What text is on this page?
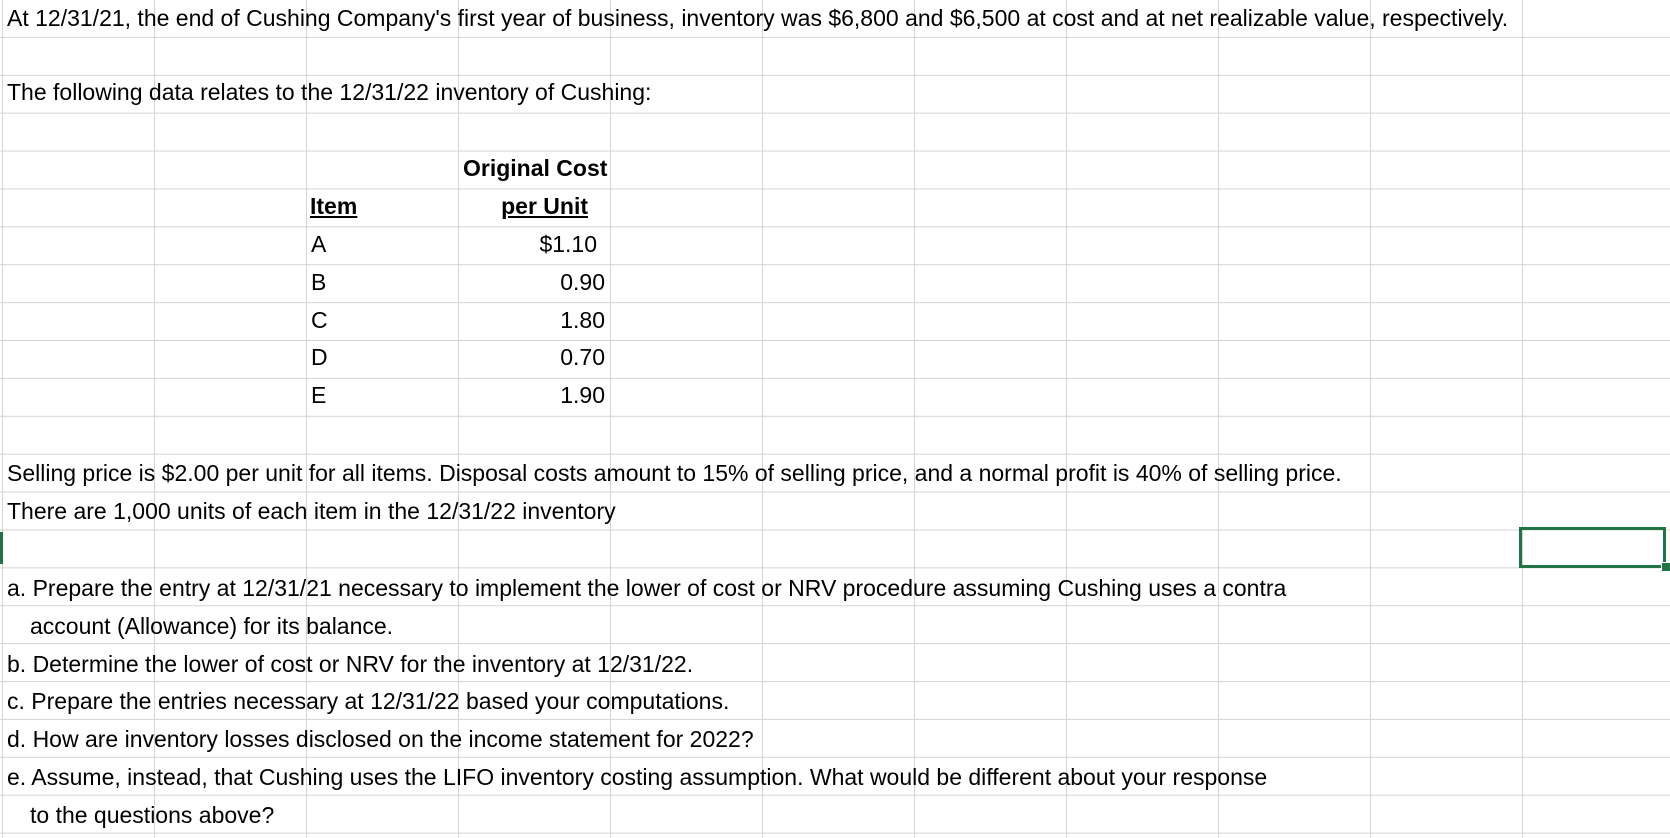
At 12/31/21, the end of Cushing Company's first year of business, inventory was $6,800 and $6,500 at cost and at net realizable value, respectively.
The following data relates to the 12/31/22 inventory of Cushing:
Original Cost
Item	per Unit
A	$1.10
B	0.90
C	1.80
D	0.70
E	1.90
Selling price is $2.00 per unit for all items. Disposal costs amount to 15% of selling price, and a normal profit is 40% of selling price.
There are 1,000 units of each item in the 12/31/22 inventory
a. Prepare the entry at 12/31/21 necessary to implement the lower of cost or NRV procedure assuming Cushing uses a contra
account (Allowance) for its balance.
b. Determine the lower of cost or NRV for the inventory at 12/31/22.
c. Prepare the entries necessary at 12/31/22 based your computations.
d. How are inventory losses disclosed on the income statement for 2022?
e. Assume, instead, that Cushing uses the LIFO inventory costing assumption. What would be different about your response
to the questions above?
